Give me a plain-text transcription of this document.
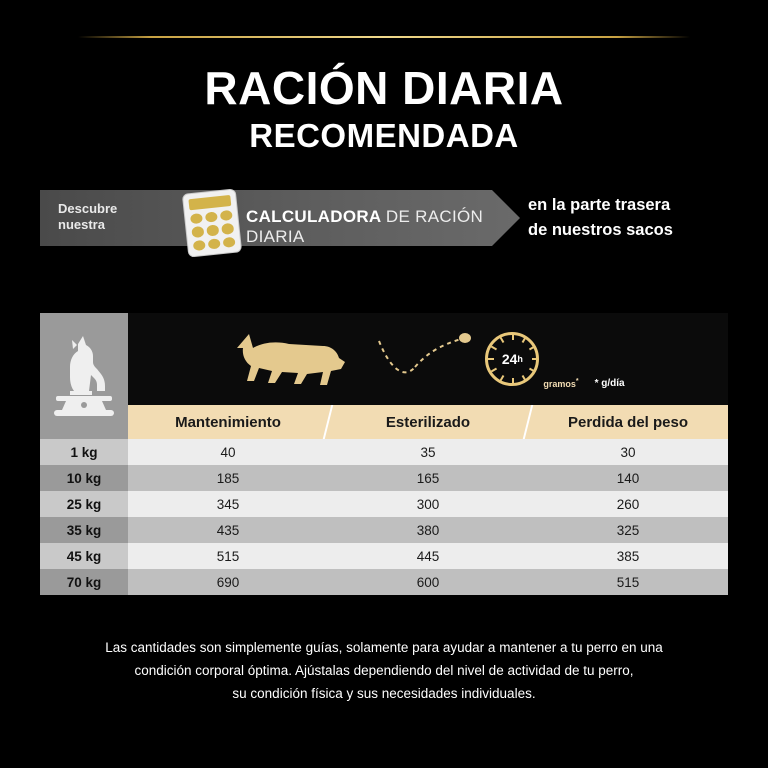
RACIÓN DIARIA
RECOMENDADA
Descubre
nuestra	CALCULADORA DE RACIÓN DIARIA
en la parte trasera
de nuestros sacos

24 h
gramos* * g/día		

	Mantenimiento	Esterilizado	Perdida del peso
1 kg	40	35	30
10 kg	185	165	140
25 kg	345	300	260
35 kg	435	380	325
45 kg	515	445	385
70 kg	690	600	515
Las cantidades son simplemente guías, solamente para ayudar a mantener a tu perro en una
condición corporal óptima. Ajústalas dependiendo del nivel de actividad de tu perro,
su condición física y sus necesidades individuales.
